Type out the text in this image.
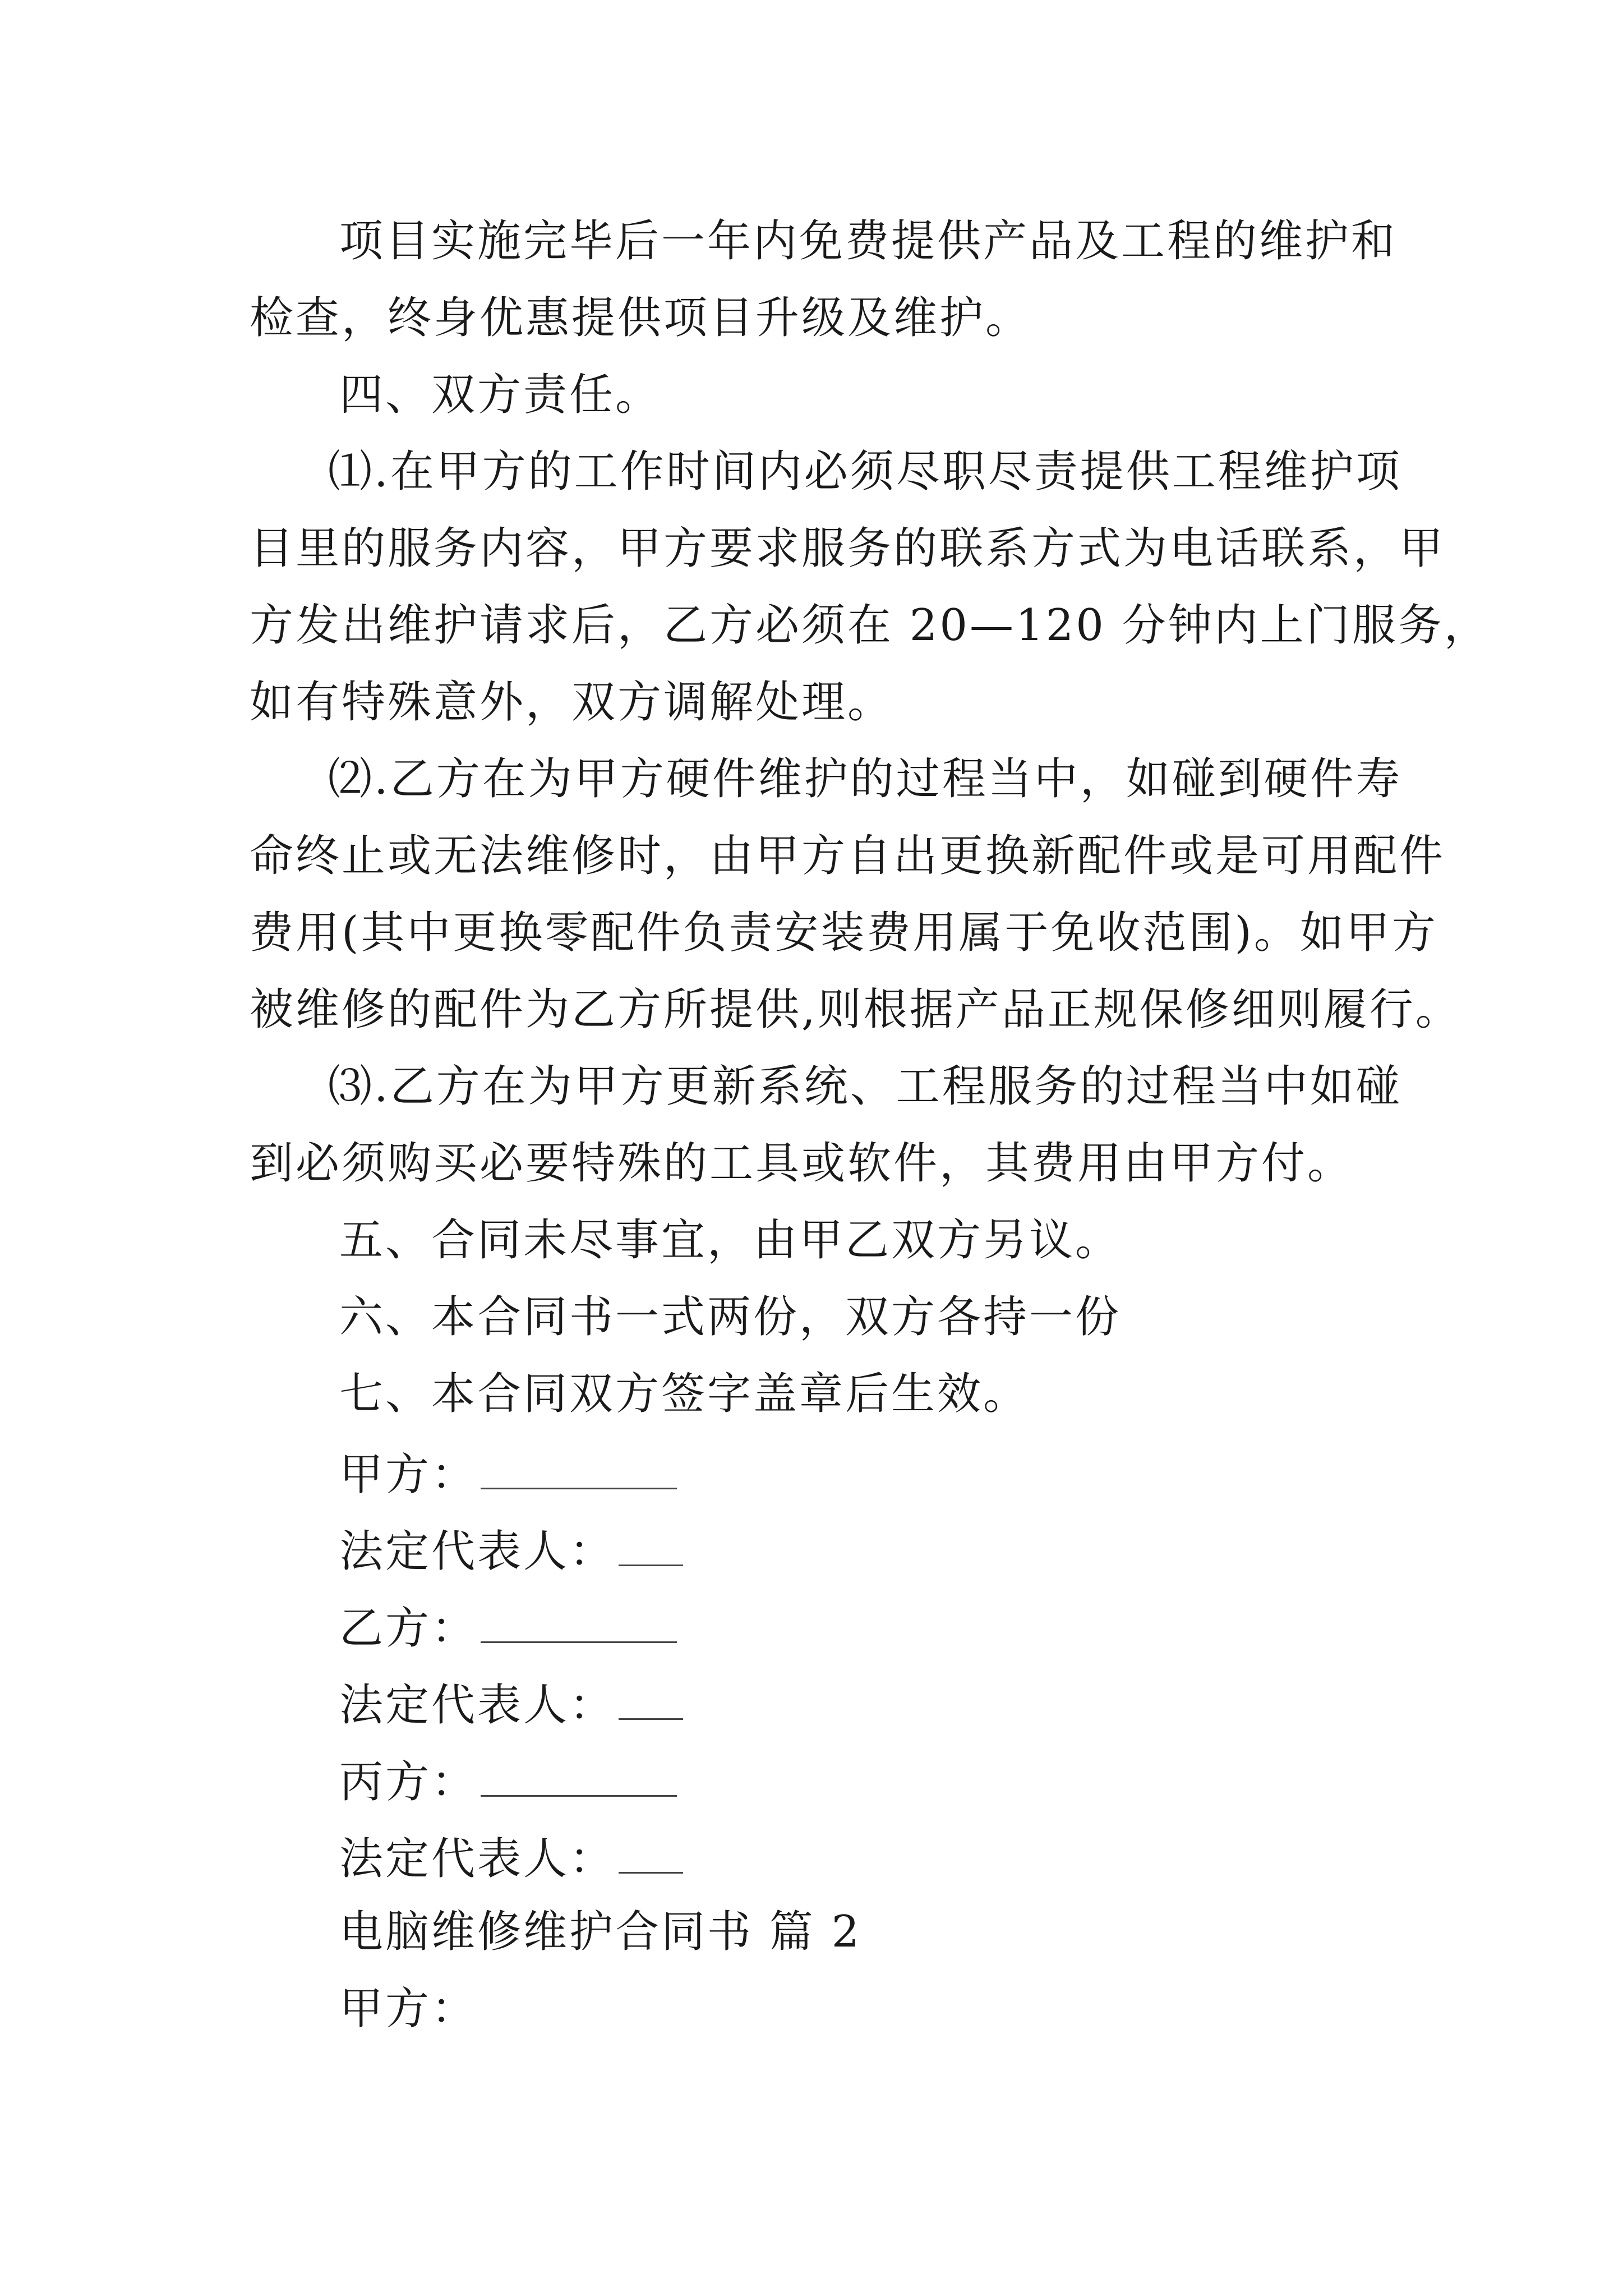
项目实施完毕后一年内免费提供产品及工程的维护和
检查，终身优惠提供项目升级及维护。
四、双方责任。
⑴.在甲方的工作时间内必须尽职尽责提供工程维护项
目里的服务内容，甲方要求服务的联系方式为电话联系，甲
方发出维护请求后，乙方必须在 20—120 分钟内上门服务，
如有特殊意外，双方调解处理。
⑵.乙方在为甲方硬件维护的过程当中，如碰到硬件寿
命终止或无法维修时，由甲方自出更换新配件或是可用配件
费用(其中更换零配件负责安装费用属于免收范围)。如甲方
被维修的配件为乙方所提供,则根据产品正规保修细则履行。
⑶.乙方在为甲方更新系统、工程服务的过程当中如碰
到必须购买必要特殊的工具或软件，其费用由甲方付。
五、合同未尽事宜，由甲乙双方另议。
六、本合同书一式两份，双方各持一份
七、本合同双方签字盖章后生效。
甲方：
法定代表人：
乙方：
法定代表人：
丙方：
法定代表人：
电脑维修维护合同书 篇 2
甲方：
